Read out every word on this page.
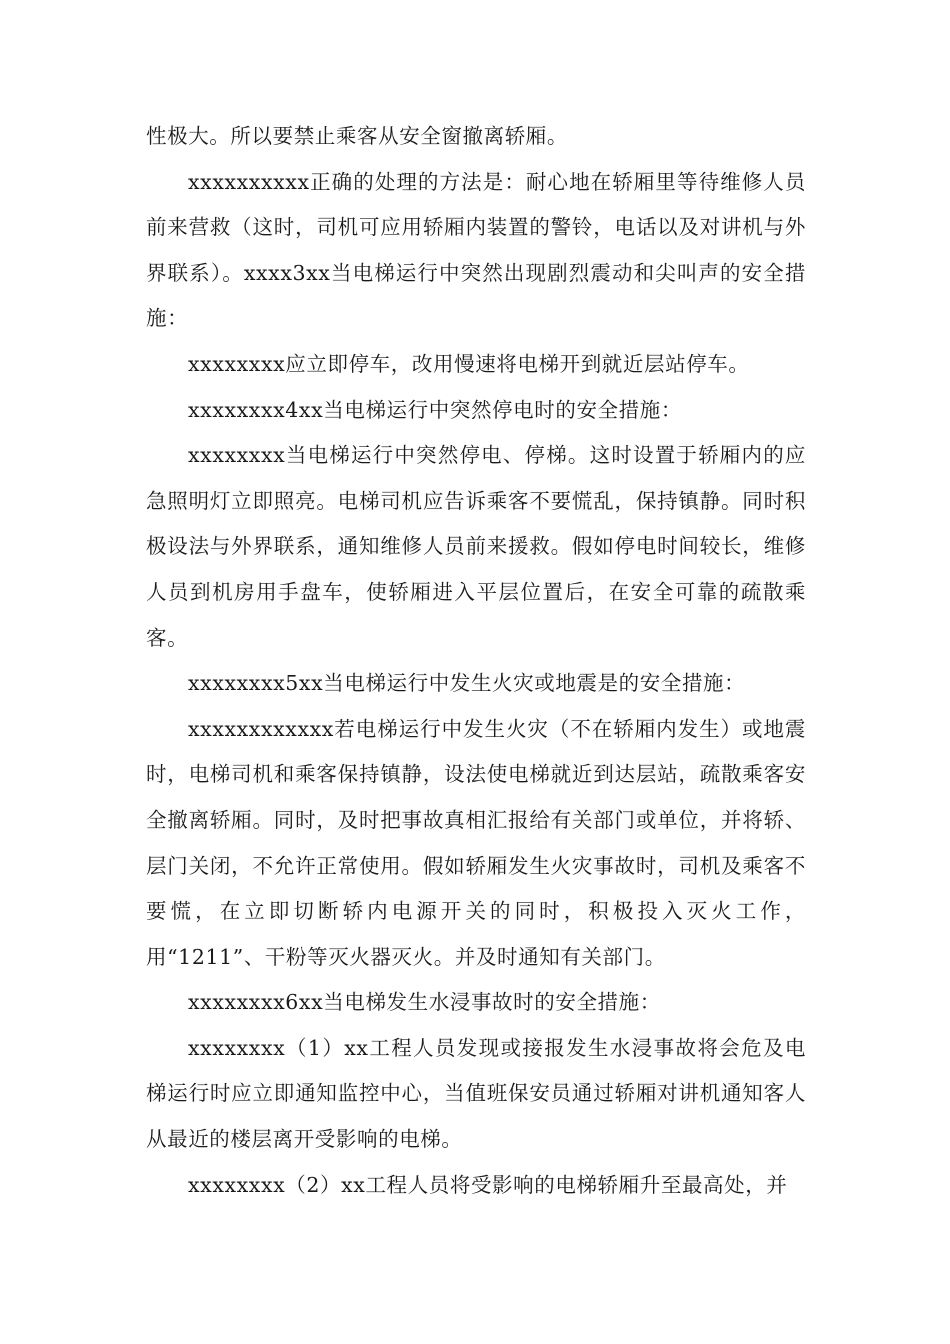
性极大。所以要禁止乘客从安全窗撤离轿厢。

xxxxxxxxxx正确的处理的方法是：耐心地在轿厢里等待维修人员前来营救（这时，司机可应用轿厢内装置的警铃，电话以及对讲机与外界联系）。xxxx3xx当电梯运行中突然出现剧烈震动和尖叫声的安全措施：

xxxxxxxx应立即停车，改用慢速将电梯开到就近层站停车。

xxxxxxxx4xx当电梯运行中突然停电时的安全措施：

xxxxxxxx当电梯运行中突然停电、停梯。这时设置于轿厢内的应急照明灯立即照亮。电梯司机应告诉乘客不要慌乱，保持镇静。同时积极设法与外界联系，通知维修人员前来援救。假如停电时间较长，维修人员到机房用手盘车，使轿厢进入平层位置后，在安全可靠的疏散乘客。

xxxxxxxx5xx当电梯运行中发生火灾或地震是的安全措施：

xxxxxxxxxxxx若电梯运行中发生火灾（不在轿厢内发生）或地震时，电梯司机和乘客保持镇静，设法使电梯就近到达层站，疏散乘客安全撤离轿厢。同时，及时把事故真相汇报给有关部门或单位，并将轿、层门关闭，不允许正常使用。假如轿厢发生火灾事故时，司机及乘客不要慌，在立即切断轿内电源开关的同时，积极投入灭火工作，用“1211”、干粉等灭火器灭火。并及时通知有关部门。

xxxxxxxx6xx当电梯发生水浸事故时的安全措施：

xxxxxxxx（1）xx工程人员发现或接报发生水浸事故将会危及电梯运行时应立即通知监控中心，当值班保安员通过轿厢对讲机通知客人从最近的楼层离开受影响的电梯。

xxxxxxxx（2）xx工程人员将受影响的电梯轿厢升至最高处，并
